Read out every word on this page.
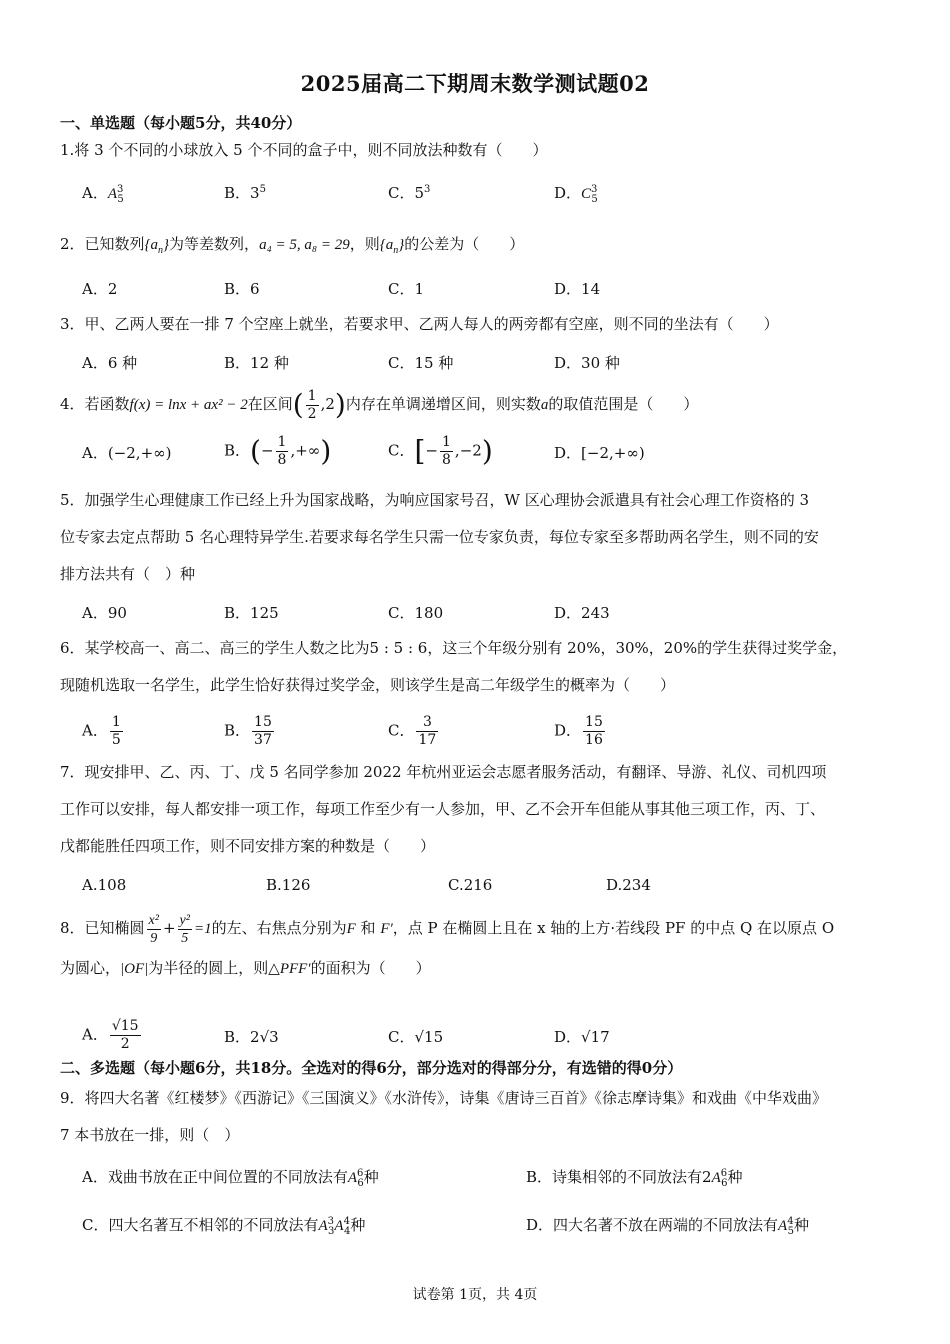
2025届高二下期周末数学测试题02
一、单选题（每小题5分，共40分）
1.将 3 个不同的小球放入 5 个不同的盒子中，则不同放法种数有（　　）
A．$A^3_5$	B．$3^5$	C．$5^3$	D．$C^3_5$
2．已知数列$\{a_n\}$为等差数列，a₄ = 5, a₈ = 29，则$\{a_n\}$的公差为（　　）
A．2	B．6	C．1	D．14
3．甲、乙两人要在一排 7 个空座上就坐，若要求甲、乙两人每人的两旁都有空座，则不同的坐法有（　　）
A．6 种	B．12 种	C．15 种	D．30 种
4．若函数f(x) = lnx + ax² − 2在区间( $\frac{1}{2} ,2$)内存在单调递增区间，则实数a的取值范围是（　　）
A．(−2,+∞)	B．(− $\frac{1}{8}$ ,+∞)	C．[− $\frac{1}{8} ,-2$)	D．[−2,+∞)
5．加强学生心理健康工作已经上升为国家战略，为响应国家号召，W 区心理协会派遣具有社会心理工作资格的 3
位专家去定点帮助 5 名心理特异学生.若要求每名学生只需一位专家负责，每位专家至多帮助两名学生，则不同的安
排方法共有（　）种
A．90	B．125	C．180	D．243
6．某学校高一、高二、高三的学生人数之比为5 : 5 : 6，这三个年级分别有 20%，30%，20%的学生获得过奖学金，
现随机选取一名学生，此学生恰好获得过奖学金，则该学生是高二年级学生的概率为（　　）
A． $\frac{1}{5}$	B． $\frac{15}{37}$	C． $\frac{3}{17}$	D． $\frac{15}{16}$
7．现安排甲、乙、丙、丁、戊 5 名同学参加 2022 年杭州亚运会志愿者服务活动，有翻译、导游、礼仪、司机四项
工作可以安排，每人都安排一项工作，每项工作至少有一人参加，甲、乙不会开车但能从事其他三项工作，丙、丁、
戊都能胜任四项工作，则不同安排方案的种数是（　　）
A.108	B.126	C.216	D.234
8．已知椭圆 $\frac{\text{x²}}{9} + \frac{\text{y²}}{5} =1$的左、右焦点分别为F 和 F′，点 P 在椭圆上且在 x 轴的上方·若线段 PF 的中点 Q 在以原点 O
为圆心，|OF|为半径的圆上，则△PFF′的面积为（　　）
A． $\frac{√15}{2}$	B．2√3	C．√15	D．√17
二、多选题（每小题6分，共18分。全选对的得6分，部分选对的得部分分，有选错的得0分）
9．将四大名著《红楼梦》《西游记》《三国演义》《水浒传》，诗集《唐诗三百首》《徐志摩诗集》和戏曲《中华戏曲》
7 本书放在一排，则（　）
A．戏曲书放在正中间位置的不同放法有$A^6_6$种	B．诗集相邻的不同放法有$2A^6_6$种
C．四大名著互不相邻的不同放法有$A^3_3A^4_4$种	D．四大名著不放在两端的不同放法有$A^4_5$种
试卷第 1页，共 4页
